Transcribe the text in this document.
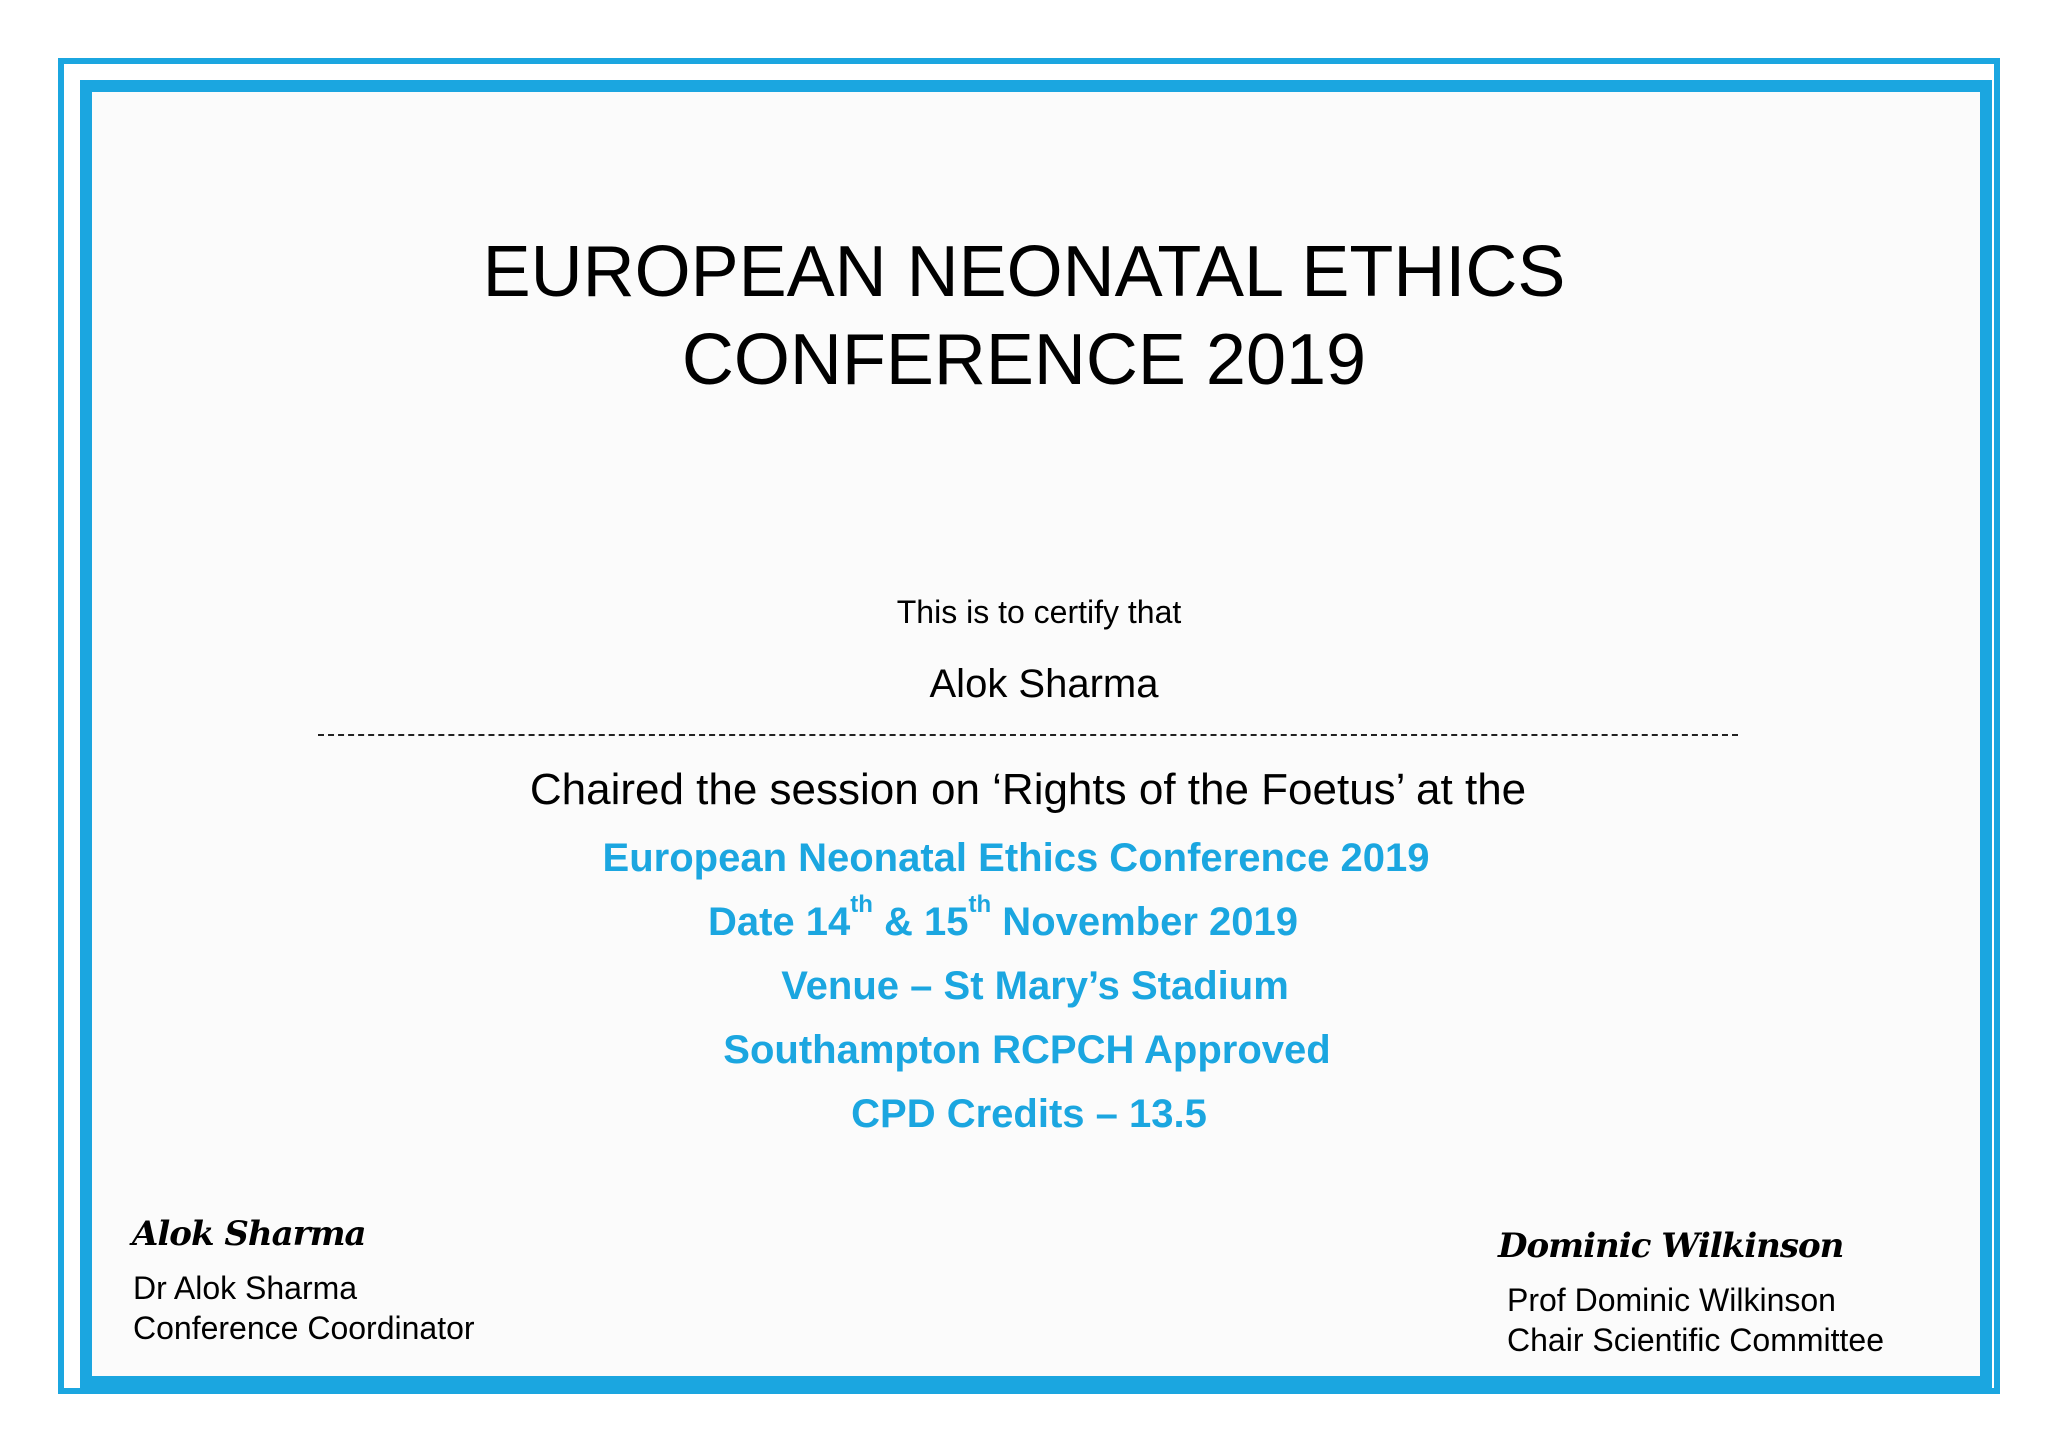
EUROPEAN NEONATAL ETHICS
CONFERENCE 2019
This is to certify that
Alok Sharma
Chaired the session on ‘Rights of the Foetus’ at the
European Neonatal Ethics Conference 2019
Date 14th & 15th November 2019
Venue – St Mary’s Stadium
Southampton RCPCH Approved
CPD Credits – 13.5
Alok Sharma
Dr Alok Sharma
Conference Coordinator
Dominic Wilkinson
Prof Dominic Wilkinson
Chair Scientific Committee
